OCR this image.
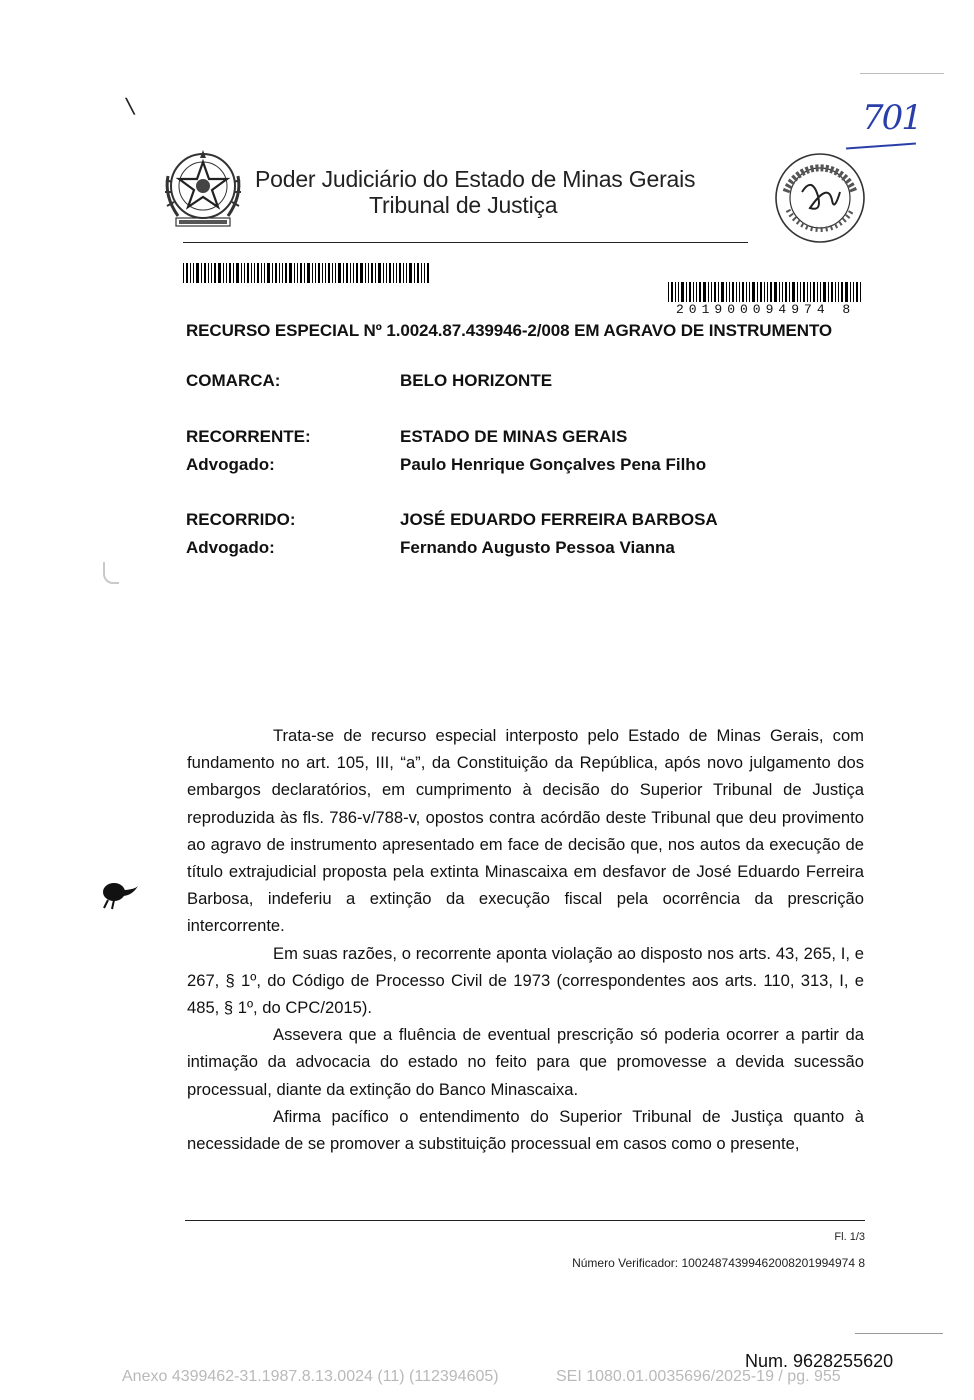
╲	701
Poder Judiciário do Estado de Minas Gerais
Tribunal de Justiça
201900094974 8
RECURSO ESPECIAL Nº 1.0024.87.439946-2/008 EM AGRAVO DE INSTRUMENTO
COMARCA:	BELO HORIZONTE
RECORRENTE:	ESTADO DE MINAS GERAIS
Advogado:	Paulo Henrique Gonçalves Pena Filho
RECORRIDO:	JOSÉ EDUARDO FERREIRA BARBOSA
Advogado:	Fernando Augusto Pessoa Vianna

Trata-se de recurso especial interposto pelo Estado de Minas Gerais, com fundamento no art. 105, III, “a”, da Constituição da República, após novo julgamento dos embargos declaratórios, em cumprimento à decisão do Superior Tribunal de Justiça reproduzida às fls. 786-v/788-v, opostos contra acórdão deste Tribunal que deu provimento ao agravo de instrumento apresentado em face de decisão que, nos autos da execução de título extrajudicial proposta pela extinta Minascaixa em desfavor de José Eduardo Ferreira Barbosa, indeferiu a extinção da execução fiscal pela ocorrência da prescrição intercorrente.

Em suas razões, o recorrente aponta violação ao disposto nos arts. 43, 265, I, e 267, § 1º, do Código de Processo Civil de 1973 (correspondentes aos arts. 110, 313, I, e 485, § 1º, do CPC/2015).

Assevera que a fluência de eventual prescrição só poderia ocorrer a partir da intimação da advocacia do estado no feito para que promovesse a devida sucessão processual, diante da extinção do Banco Minascaixa.

Afirma pacífico o entendimento do Superior Tribunal de Justiça quanto à necessidade de se promover a substituição processual em casos como o presente,

Fl. 1/3
Número Verificador: 10024874399462008201994974 8
Num. 9628255620
Anexo 4399462-31.1987.8.13.0024 (11) (112394605)	SEI 1080.01.0035696/2025-19 / pg. 955
